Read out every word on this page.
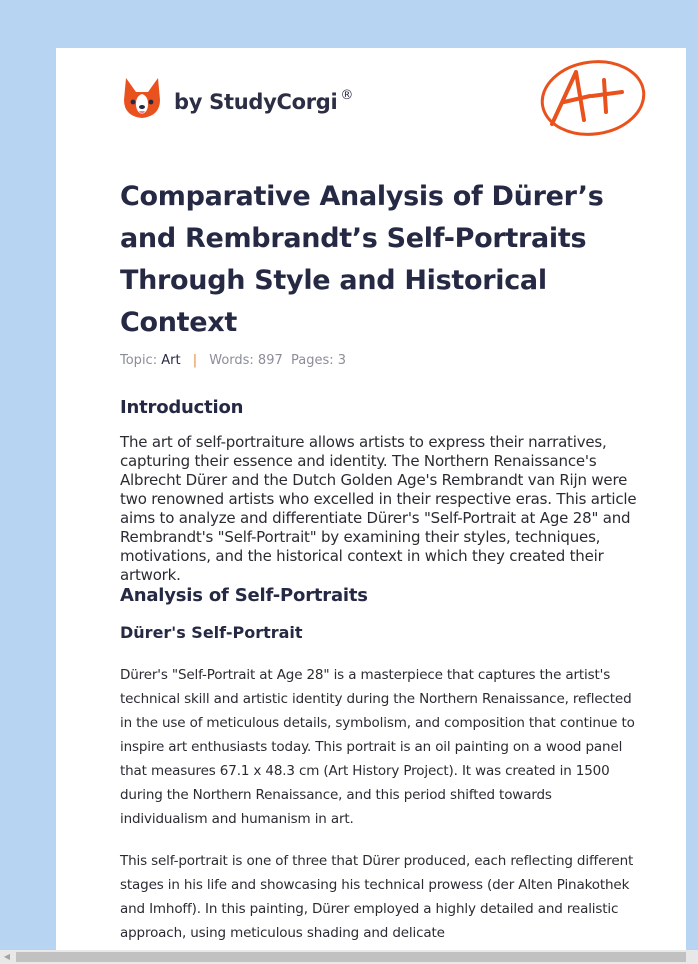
by StudyCorgi ®
Comparative Analysis of Dürer’s and Rembrandt’s Self-Portraits Through Style and Historical Context
Topic: Art | Words: 897 Pages: 3
Introduction

The art of self-portraiture allows artists to express their narratives, capturing their essence and identity. The Northern Renaissance's Albrecht Dürer and the Dutch Golden Age's Rembrandt van Rijn were two renowned artists who excelled in their respective eras. This article aims to analyze and differentiate Dürer's "Self-Portrait at Age 28" and Rembrandt's "Self-Portrait" by examining their styles, techniques, motivations, and the historical context in which they created their artwork.

Analysis of Self-Portraits
Dürer's Self-Portrait

Dürer's "Self-Portrait at Age 28" is a masterpiece that captures the artist's technical skill and artistic identity during the Northern Renaissance, reflected in the use of meticulous details, symbolism, and composition that continue to inspire art enthusiasts today. This portrait is an oil painting on a wood panel that measures 67.1 x 48.3 cm (Art History Project). It was created in 1500 during the Northern Renaissance, and this period shifted towards individualism and humanism in art.

This self-portrait is one of three that Dürer produced, each reflecting different stages in his life and showcasing his technical prowess (der Alten Pinakothek and Imhoff). In this painting, Dürer employed a highly detailed and realistic approach, using meticulous shading and delicate

◀
